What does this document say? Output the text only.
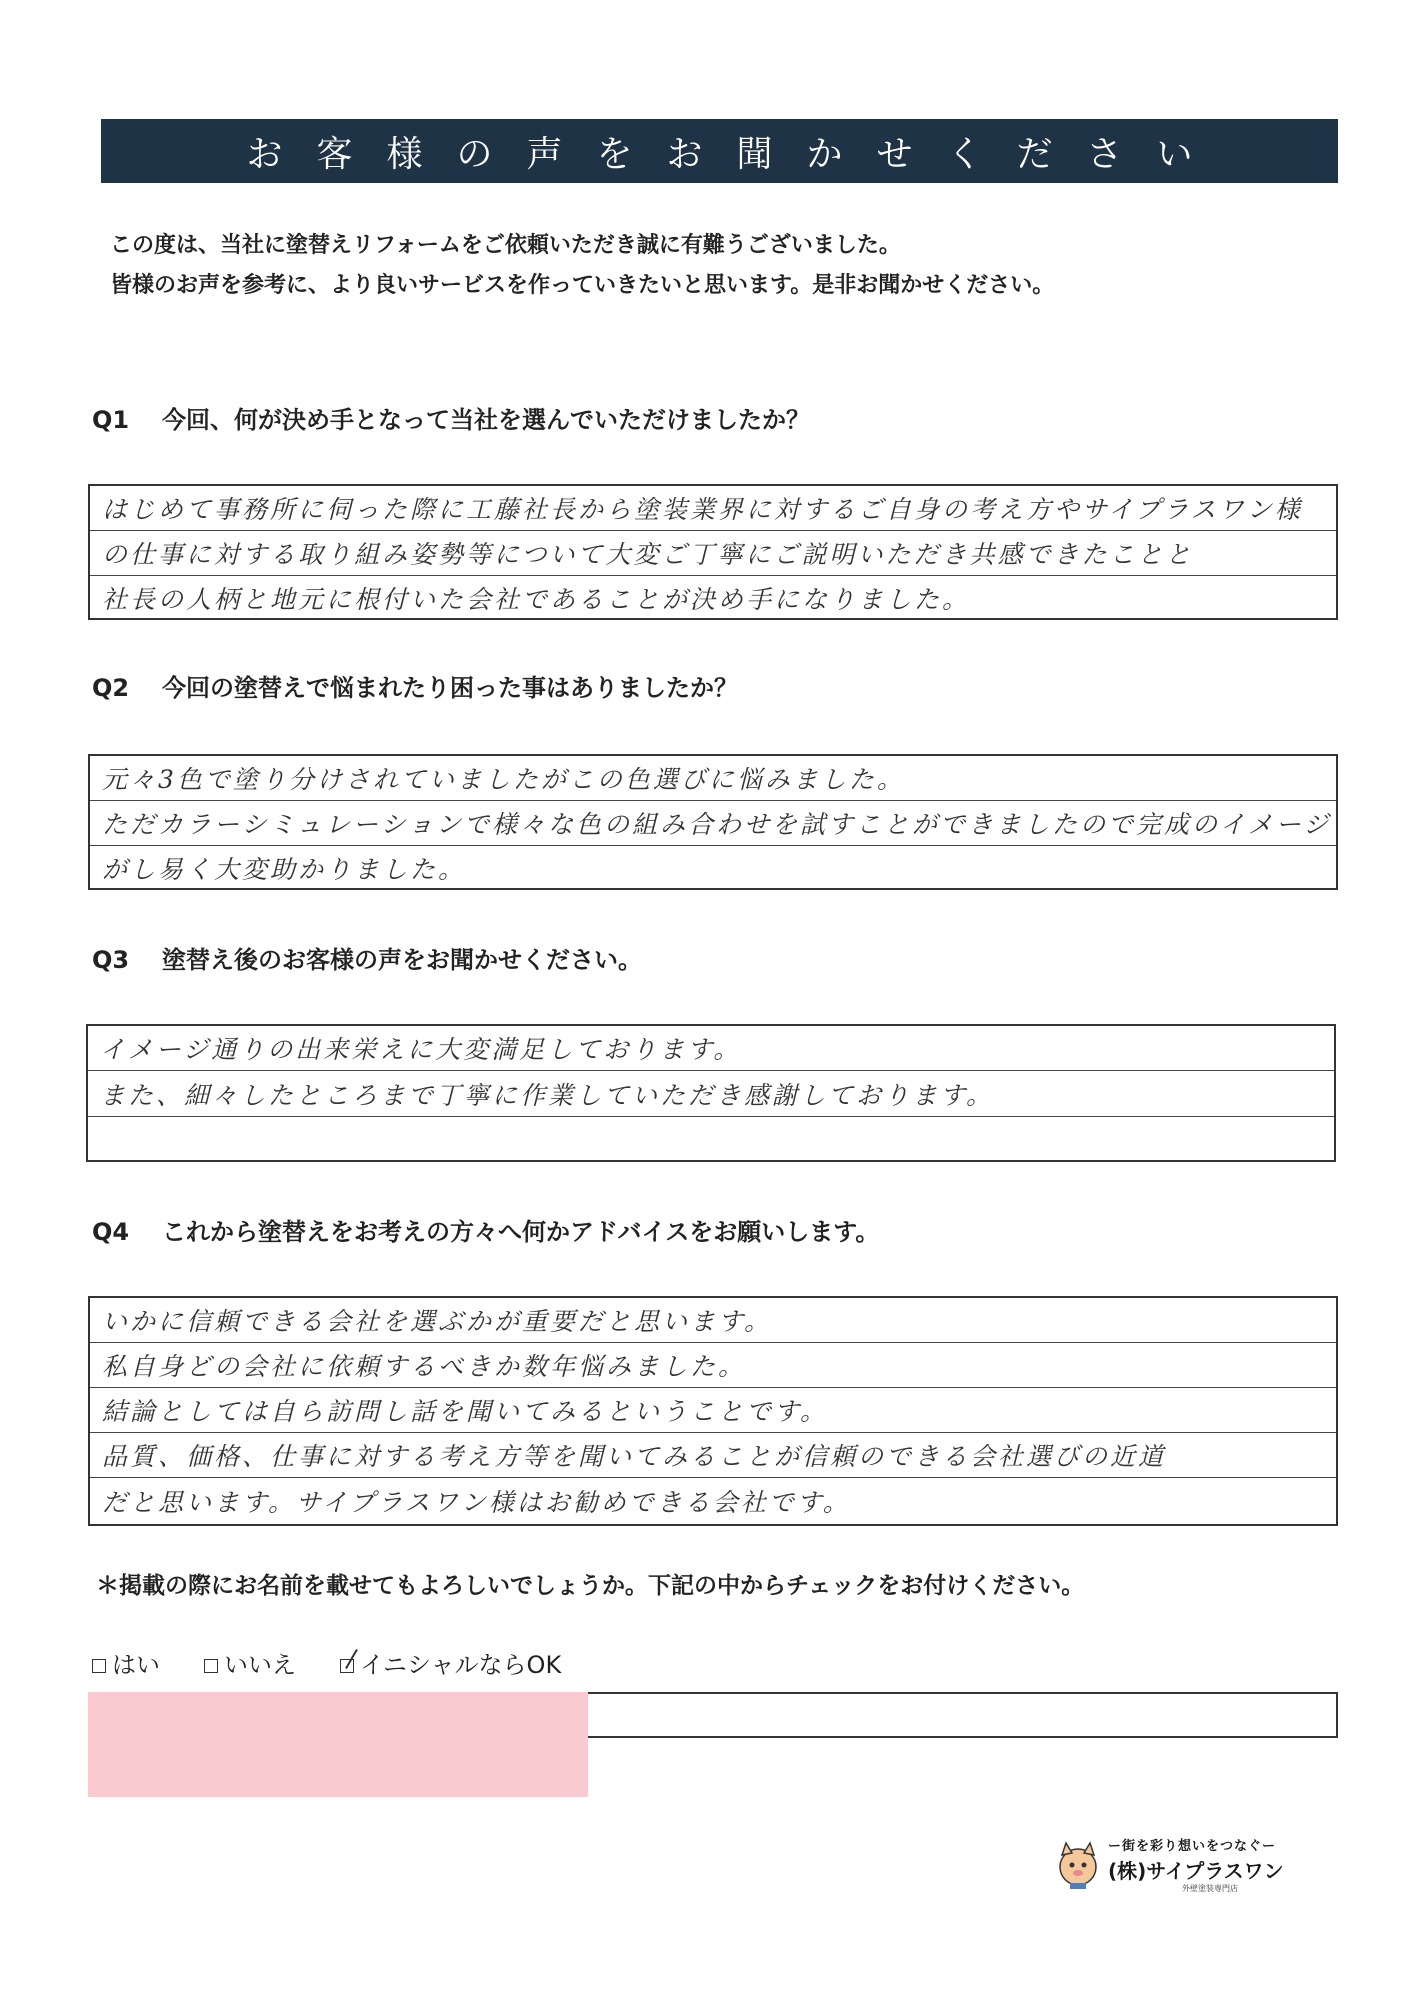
お客様の声をお聞かせください
この度は、当社に塗替えリフォームをご依頼いただき誠に有難うございました。
皆様のお声を参考に、より良いサービスを作っていきたいと思います。是非お聞かせください。
Q1 今回、何が決め手となって当社を選んでいただけましたか？
はじめて事務所に伺った際に工藤社長から塗装業界に対するご自身の考え方やサイプラスワン様
の仕事に対する取り組み姿勢等について大変ご丁寧にご説明いただき共感できたことと
社長の人柄と地元に根付いた会社であることが決め手になりました。
Q2 今回の塗替えで悩まれたり困った事はありましたか？
元々3色で塗り分けされていましたがこの色選びに悩みました。
ただカラーシミュレーションで様々な色の組み合わせを試すことができましたので完成のイメージ
がし易く大変助かりました。
Q3 塗替え後のお客様の声をお聞かせください。
イメージ通りの出来栄えに大変満足しております。
また、細々したところまで丁寧に作業していただき感謝しております。
Q4 これから塗替えをお考えの方々へ何かアドバイスをお願いします。
いかに信頼できる会社を選ぶかが重要だと思います。
私自身どの会社に依頼するべきか数年悩みました。
結論としては自ら訪問し話を聞いてみるということです。
品質、価格、仕事に対する考え方等を聞いてみることが信頼のできる会社選びの近道
だと思います。サイプラスワン様はお勧めできる会社です。
＊掲載の際にお名前を載せてもよろしいでしょうか。下記の中からチェックをお付けください。
はい	いいえ	イニシャルならOK
ー街を彩り想いをつなぐー
(株)サイプラスワン
外壁塗装専門店
